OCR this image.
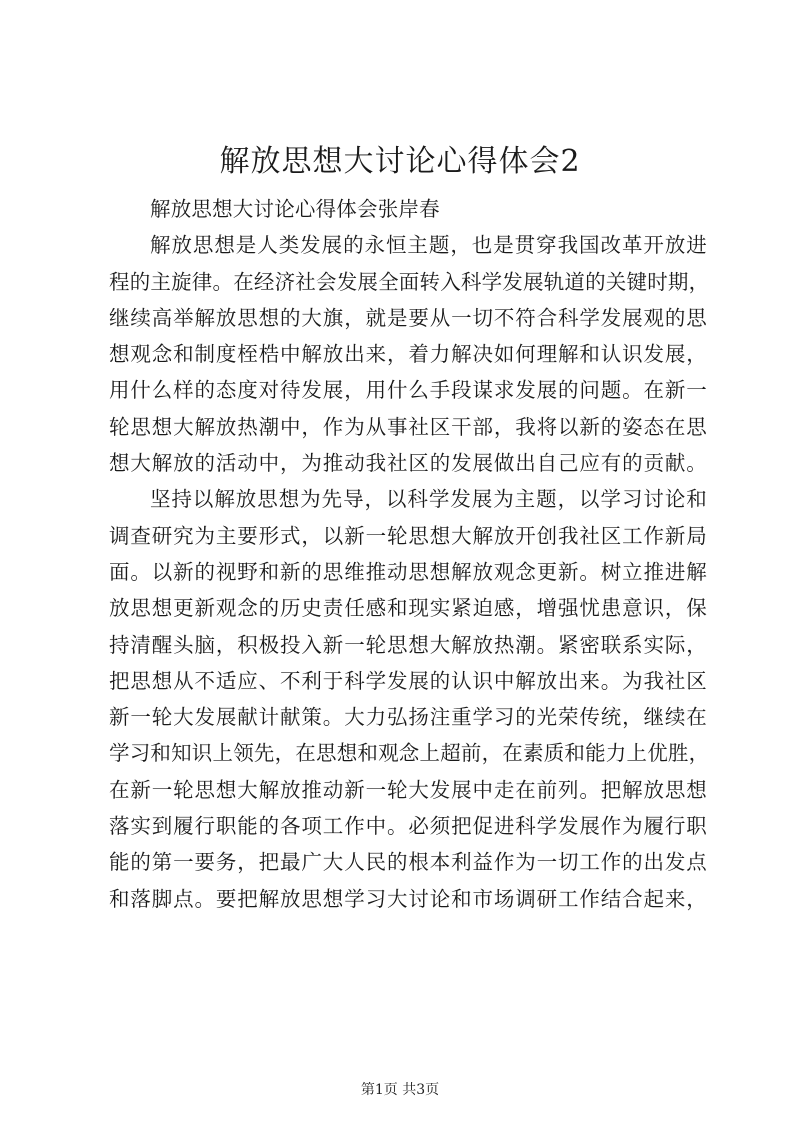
解放思想大讨论心得体会2
解放思想大讨论心得体会张岸春
解放思想是人类发展的永恒主题，也是贯穿我国改革开放进
程的主旋律。在经济社会发展全面转入科学发展轨道的关键时期，
继续高举解放思想的大旗，就是要从一切不符合科学发展观的思
想观念和制度桎梏中解放出来，着力解决如何理解和认识发展，
用什么样的态度对待发展，用什么手段谋求发展的问题。在新一
轮思想大解放热潮中，作为从事社区干部，我将以新的姿态在思
想大解放的活动中，为推动我社区的发展做出自己应有的贡献。
坚持以解放思想为先导，以科学发展为主题，以学习讨论和
调查研究为主要形式，以新一轮思想大解放开创我社区工作新局
面。以新的视野和新的思维推动思想解放观念更新。树立推进解
放思想更新观念的历史责任感和现实紧迫感，增强忧患意识，保
持清醒头脑，积极投入新一轮思想大解放热潮。紧密联系实际，
把思想从不适应、不利于科学发展的认识中解放出来。为我社区
新一轮大发展献计献策。大力弘扬注重学习的光荣传统，继续在
学习和知识上领先，在思想和观念上超前，在素质和能力上优胜，
在新一轮思想大解放推动新一轮大发展中走在前列。把解放思想
落实到履行职能的各项工作中。必须把促进科学发展作为履行职
能的第一要务，把最广大人民的根本利益作为一切工作的出发点
和落脚点。要把解放思想学习大讨论和市场调研工作结合起来，
第1页 共3页
